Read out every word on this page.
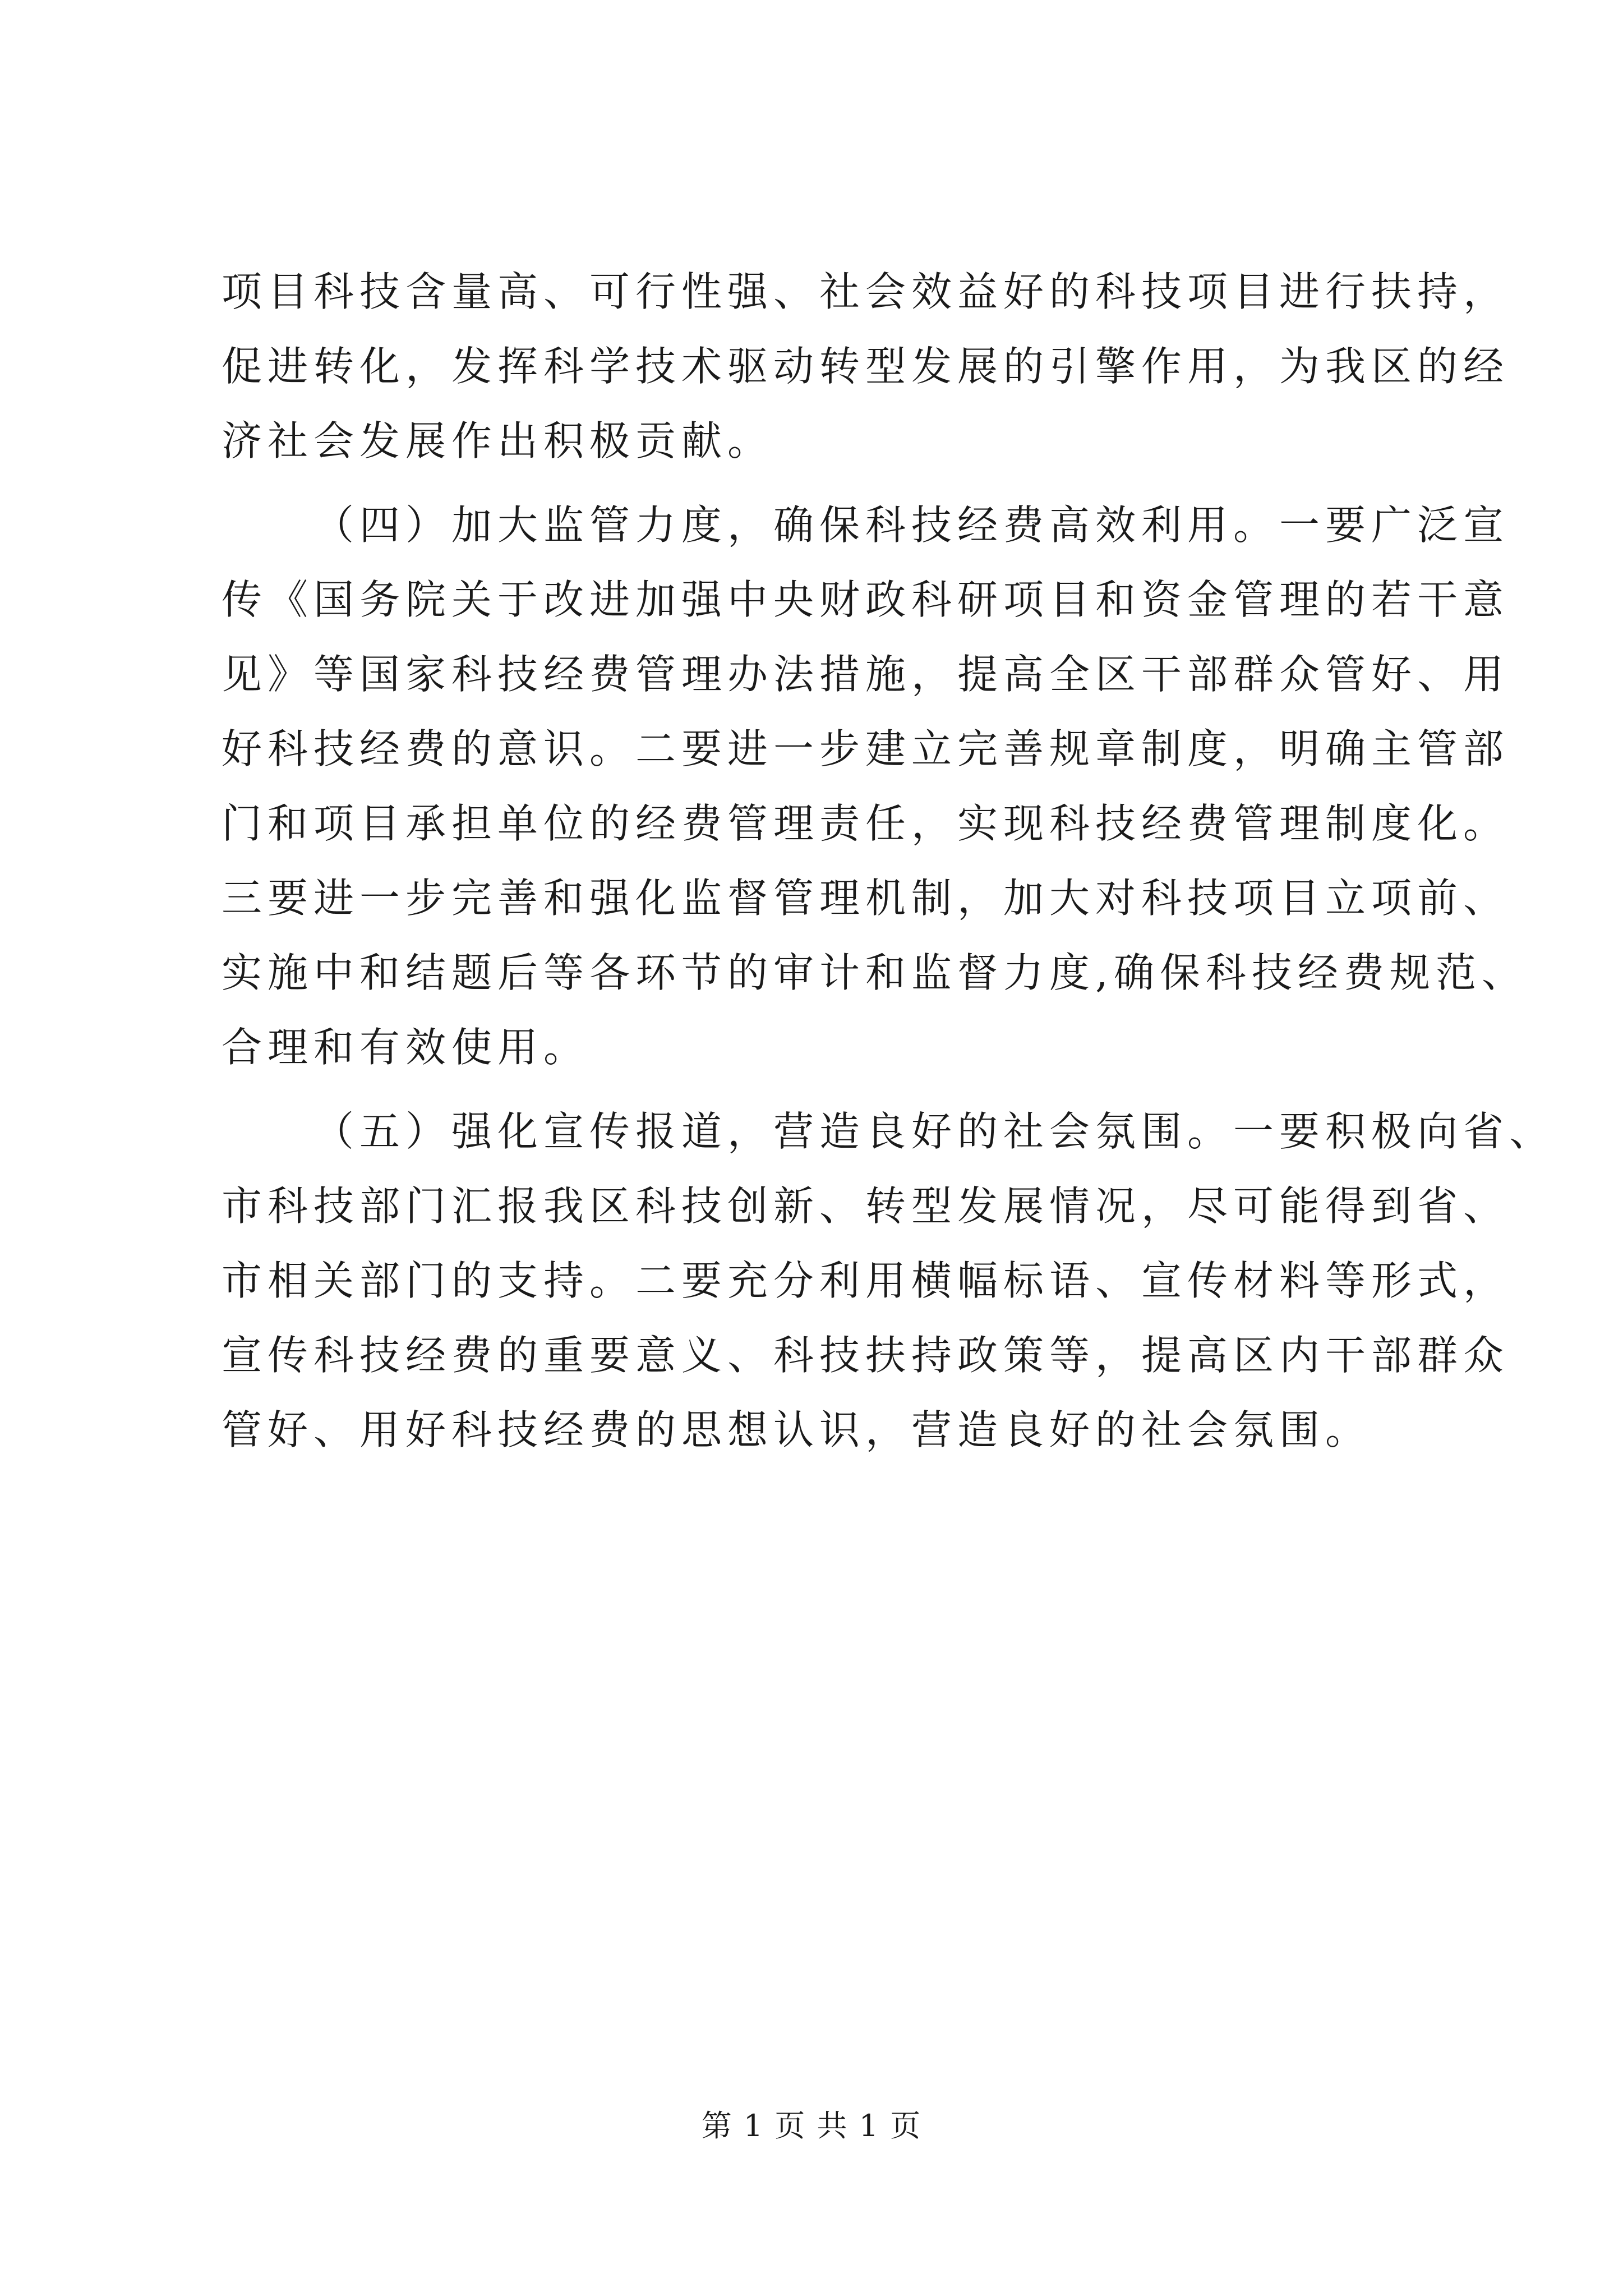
项目科技含量高、可行性强、社会效益好的科技项目进行扶持，
促进转化，发挥科学技术驱动转型发展的引擎作用，为我区的经
济社会发展作出积极贡献。
（四）加大监管力度，确保科技经费高效利用。一要广泛宣
传《国务院关于改进加强中央财政科研项目和资金管理的若干意
见》等国家科技经费管理办法措施，提高全区干部群众管好、用
好科技经费的意识。二要进一步建立完善规章制度，明确主管部
门和项目承担单位的经费管理责任，实现科技经费管理制度化。
三要进一步完善和强化监督管理机制，加大对科技项目立项前、
实施中和结题后等各环节的审计和监督力度,确保科技经费规范、
合理和有效使用。
（五）强化宣传报道，营造良好的社会氛围。一要积极向省、
市科技部门汇报我区科技创新、转型发展情况，尽可能得到省、
市相关部门的支持。二要充分利用横幅标语、宣传材料等形式，
宣传科技经费的重要意义、科技扶持政策等，提高区内干部群众
管好、用好科技经费的思想认识，营造良好的社会氛围。
第 1 页 共 1 页
